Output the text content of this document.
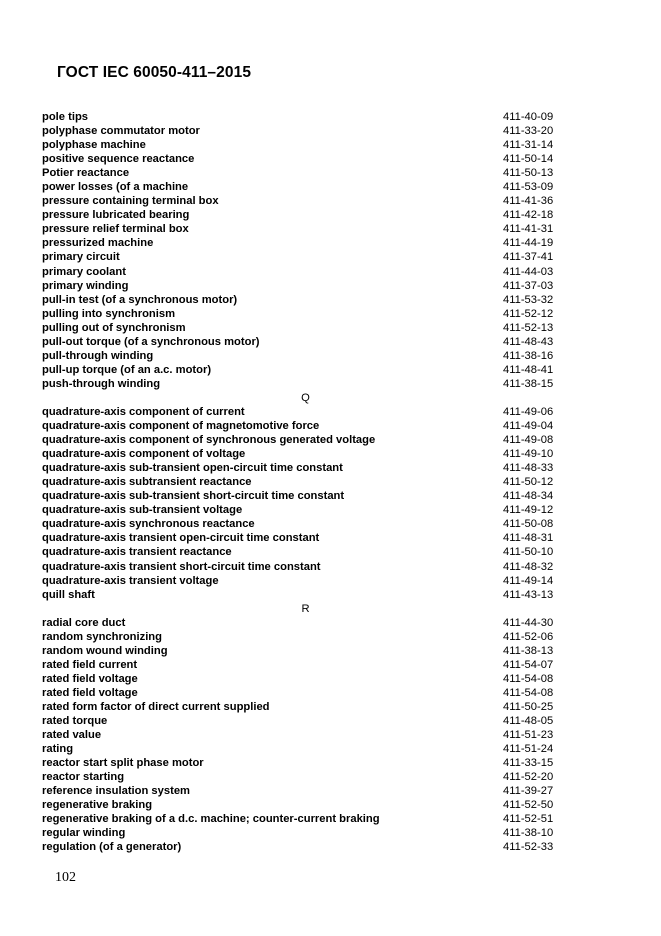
ГОСТ IEC 60050-411–2015
pole tips	411-40-09
polyphase commutator motor	411-33-20
polyphase machine	411-31-14
positive sequence reactance	411-50-14
Potier reactance	411-50-13
power losses (of a machine	411-53-09
pressure containing terminal box	411-41-36
pressure lubricated bearing	411-42-18
pressure relief terminal box	411-41-31
pressurized machine	411-44-19
primary circuit	411-37-41
primary coolant	411-44-03
primary winding	411-37-03
pull-in test (of a synchronous motor)	411-53-32
pulling into synchronism	411-52-12
pulling out of synchronism	411-52-13
pull-out torque (of a synchronous motor)	411-48-43
pull-through winding	411-38-16
pull-up torque (of an a.c. motor)	411-48-41
push-through winding	411-38-15
Q
quadrature-axis component of current	411-49-06
quadrature-axis component of magnetomotive force	411-49-04
quadrature-axis component of synchronous generated voltage	411-49-08
quadrature-axis component of voltage	411-49-10
quadrature-axis sub-transient open-circuit time constant	411-48-33
quadrature-axis subtransient reactance	411-50-12
quadrature-axis sub-transient short-circuit time constant	411-48-34
quadrature-axis sub-transient voltage	411-49-12
quadrature-axis synchronous reactance	411-50-08
quadrature-axis transient open-circuit time constant	411-48-31
quadrature-axis transient reactance	411-50-10
quadrature-axis transient short-circuit time constant	411-48-32
quadrature-axis transient voltage	411-49-14
quill shaft	411-43-13
R
radial core duct	411-44-30
random synchronizing	411-52-06
random wound winding	411-38-13
rated field current	411-54-07
rated field voltage	411-54-08
rated field voltage	411-54-08
rated form factor of direct current supplied	411-50-25
rated torque	411-48-05
rated value	411-51-23
rating	411-51-24
reactor start split phase motor	411-33-15
reactor starting	411-52-20
reference insulation system	411-39-27
regenerative braking	411-52-50
regenerative braking of a d.c. machine; counter-current braking	411-52-51
regular winding	411-38-10
regulation (of a generator)	411-52-33
102
